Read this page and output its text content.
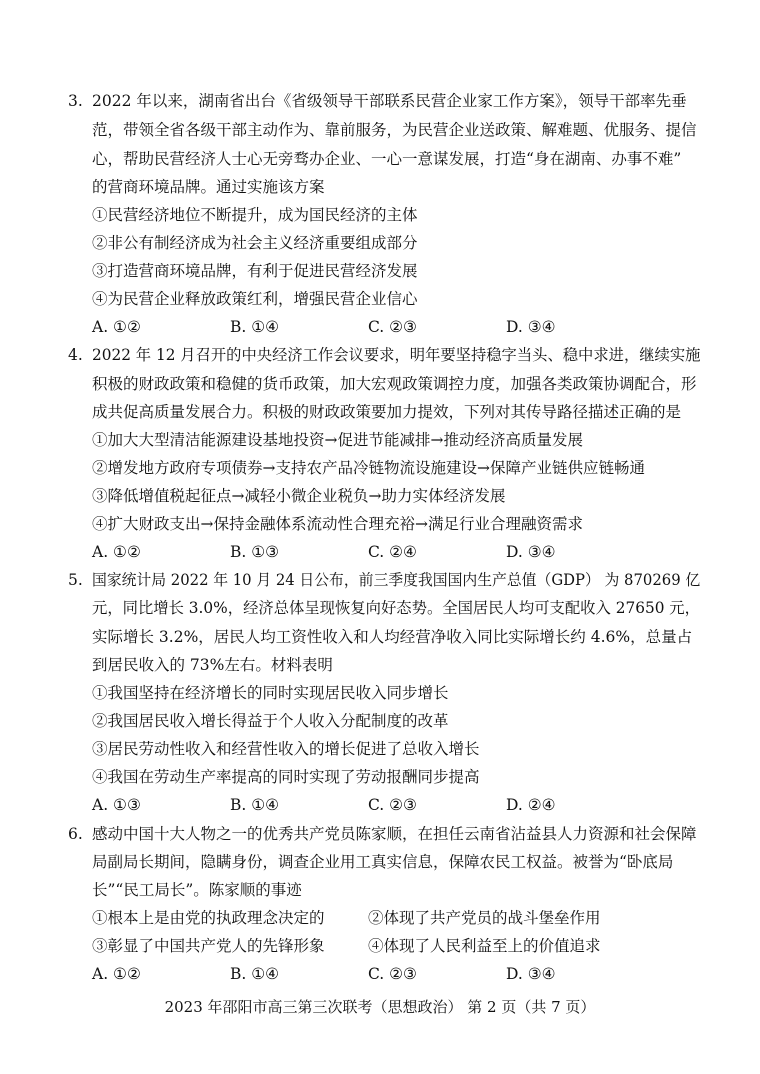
3. 2022 年以来，湖南省出台《省级领导干部联系民营企业家工作方案》，领导干部率先垂
范，带领全省各级干部主动作为、靠前服务，为民营企业送政策、解难题、优服务、提信
心，帮助民营经济人士心无旁骛办企业、一心一意谋发展，打造“身在湖南、办事不难”
的营商环境品牌。通过实施该方案
①民营经济地位不断提升，成为国民经济的主体
②非公有制经济成为社会主义经济重要组成部分
③打造营商环境品牌，有利于促进民营经济发展
④为民营企业释放政策红利，增强民营企业信心
A. ①②	B. ①④	C. ②③	D. ③④
4. 2022 年 12 月召开的中央经济工作会议要求，明年要坚持稳字当头、稳中求进，继续实施
积极的财政政策和稳健的货币政策，加大宏观政策调控力度，加强各类政策协调配合，形
成共促高质量发展合力。积极的财政政策要加力提效，下列对其传导路径描述正确的是
①加大大型清洁能源建设基地投资→促进节能减排→推动经济高质量发展
②增发地方政府专项债券→支持农产品冷链物流设施建设→保障产业链供应链畅通
③降低增值税起征点→减轻小微企业税负→助力实体经济发展
④扩大财政支出→保持金融体系流动性合理充裕→满足行业合理融资需求
A. ①②	B. ①③	C. ②④	D. ③④
5. 国家统计局 2022 年 10 月 24 日公布，前三季度我国国内生产总值（GDP） 为 870269 亿
元，同比增长 3.0%，经济总体呈现恢复向好态势。全国居民人均可支配收入 27650 元，
实际增长 3.2%，居民人均工资性收入和人均经营净收入同比实际增长约 4.6%，总量占
到居民收入的 73%左右。材料表明
①我国坚持在经济增长的同时实现居民收入同步增长
②我国居民收入增长得益于个人收入分配制度的改革
③居民劳动性收入和经营性收入的增长促进了总收入增长
④我国在劳动生产率提高的同时实现了劳动报酬同步提高
A. ①③	B. ①④	C. ②③	D. ②④
6. 感动中国十大人物之一的优秀共产党员陈家顺，在担任云南省沾益县人力资源和社会保障
局副局长期间，隐瞒身份，调查企业用工真实信息，保障农民工权益。被誉为“卧底局
长”“民工局长”。陈家顺的事迹
①根本上是由党的执政理念决定的	②体现了共产党员的战斗堡垒作用
③彰显了中国共产党人的先锋形象	④体现了人民利益至上的价值追求
A. ①②	B. ①④	C. ②③	D. ③④
2023 年邵阳市高三第三次联考（思想政治） 第 2 页（共 7 页）
